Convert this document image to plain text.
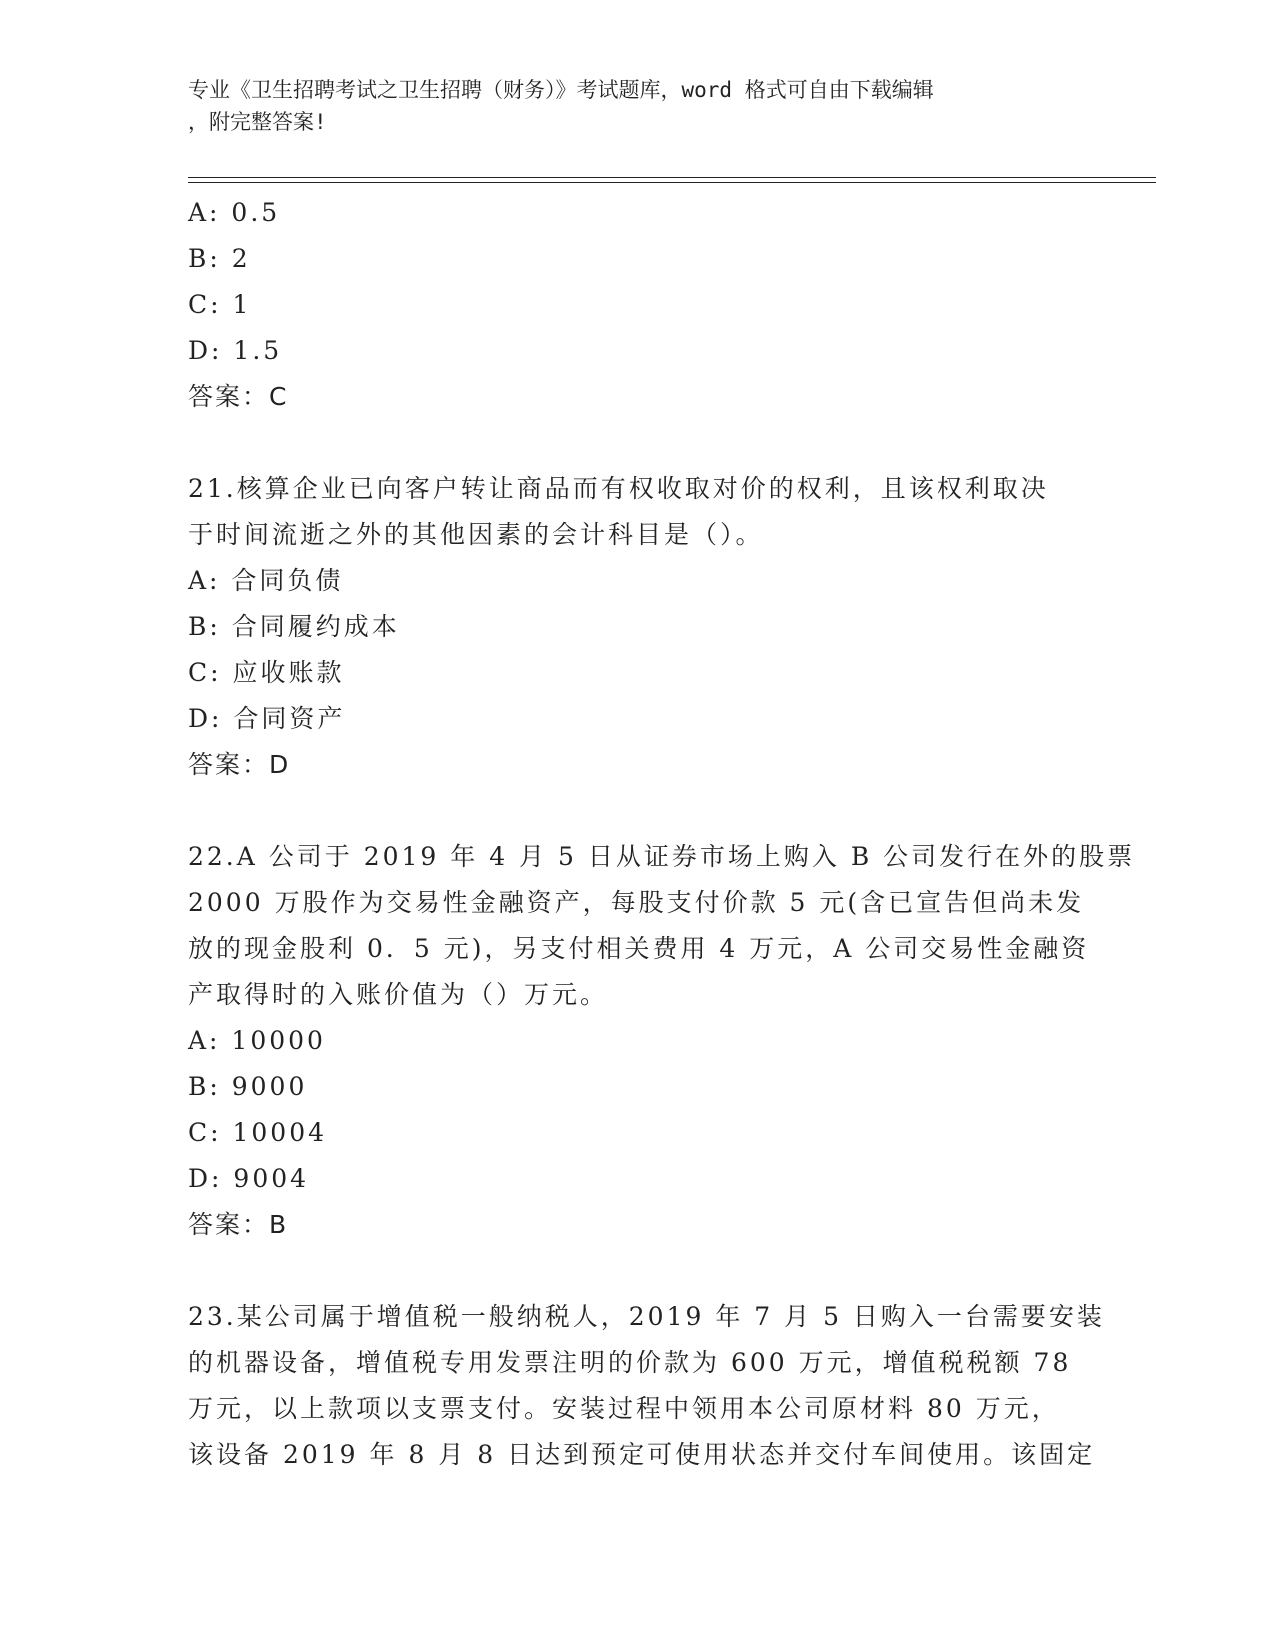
专业《卫生招聘考试之卫生招聘（财务）》考试题库，word 格式可自由下载编辑
，附完整答案!
A: 0.5
B: 2
C: 1
D: 1.5
答案：C
21.核算企业已向客户转让商品而有权收取对价的权利，且该权利取决
于时间流逝之外的其他因素的会计科目是（）。
A: 合同负债
B: 合同履约成本
C: 应收账款
D: 合同资产
答案：D
22.A 公司于 2019 年 4 月 5 日从证券市场上购入 B 公司发行在外的股票
2000 万股作为交易性金融资产，每股支付价款 5 元(含已宣告但尚未发
放的现金股利 0．5 元)，另支付相关费用 4 万元，A 公司交易性金融资
产取得时的入账价值为（）万元。
A: 10000
B: 9000
C: 10004
D: 9004
答案：B
23.某公司属于增值税一般纳税人，2019 年 7 月 5 日购入一台需要安装
的机器设备，增值税专用发票注明的价款为 600 万元，增值税税额 78
万元，以上款项以支票支付。安装过程中领用本公司原材料 80 万元，
该设备 2019 年 8 月 8 日达到预定可使用状态并交付车间使用。该固定
